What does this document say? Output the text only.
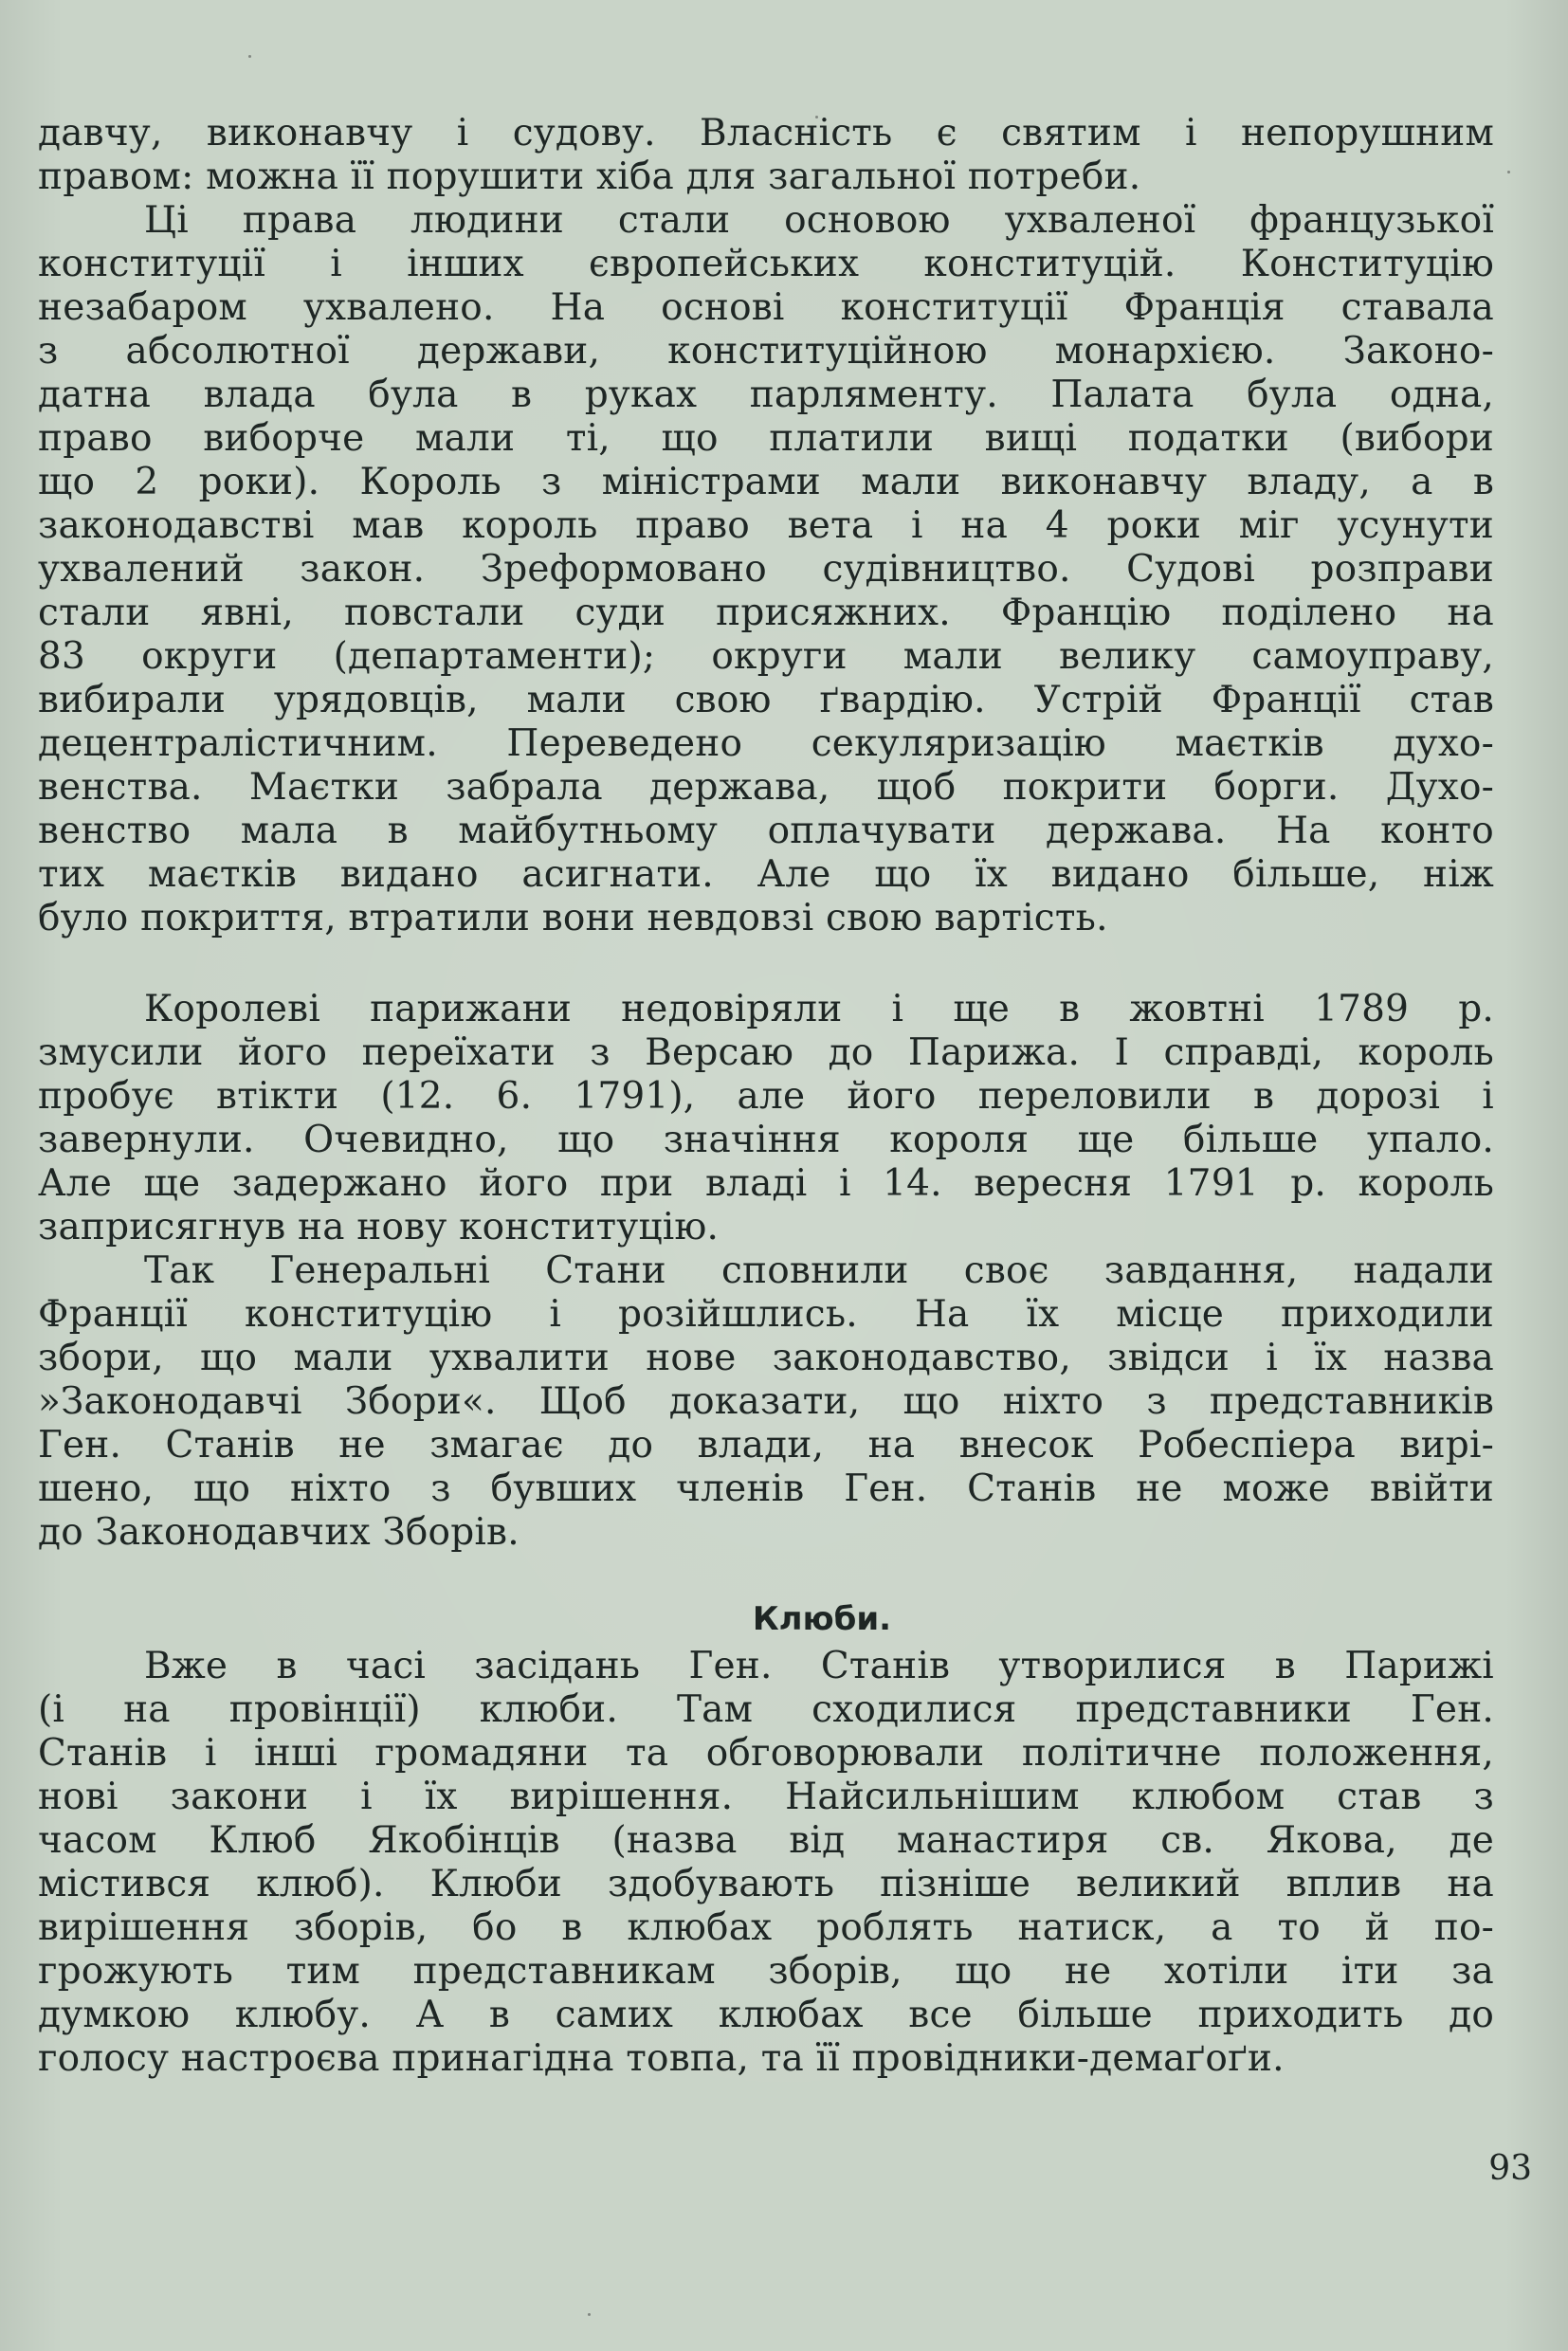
давчу, виконавчу і судову. Власність є святим і непорушним
правом: можна її порушити хіба для загальної потреби.
Ці права людини стали основою ухваленої французької
конституції і інших європейських конституцій. Конституцію
незабаром ухвалено. На основі конституції Франція ставала
з абсолютної держави, конституційною монархією. Законо-
датна влада була в руках парляменту. Палата була одна,
право виборче мали ті, що платили вищі податки (вибори
що 2 роки). Король з міністрами мали виконавчу владу, а в
законодавстві мав король право вета і на 4 роки міг усунути
ухвалений закон. Зреформовано судівництво. Судові розправи
стали явні, повстали суди присяжних. Францію поділено на
83 округи (департаменти); округи мали велику самоуправу,
вибирали урядовців, мали свою ґвардію. Устрій Франції став
децентралістичним. Переведено секуляризацію маєтків духо-
венства. Маєтки забрала держава, щоб покрити борги. Духо-
венство мала в майбутньому оплачувати держава. На конто
тих маєтків видано асигнати. Але що їх видано більше, ніж
було покриття, втратили вони невдовзі свою вартість.
Королеві парижани недовіряли і ще в жовтні 1789 р.
змусили його переїхати з Версаю до Парижа. І справді, король
пробує втікти (12. 6. 1791), але його переловили в дорозі і
завернули. Очевидно, що значіння короля ще більше упало.
Але ще задержано його при владі і 14. вересня 1791 р. король
заприсягнув на нову конституцію.
Так Генеральні Стани сповнили своє завдання, надали
Франції конституцію і розійшлись. На їх місце приходили
збори, що мали ухвалити нове законодавство, звідси і їх назва
»Законодавчі Збори«. Щоб доказати, що ніхто з представників
Ген. Станів не змагає до влади, на внесок Робеспіера вирі-
шено, що ніхто з бувших членів Ген. Станів не може ввійти
до Законодавчих Зборів.
Клюби.
Вже в часі засідань Ген. Станів утворилися в Парижі
(і на провінції) клюби. Там сходилися представники Ген.
Станів і інші громадяни та обговорювали політичне положення,
нові закони і їх вирішення. Найсильнішим клюбом став з
часом Клюб Якобінців (назва від манастиря св. Якова, де
містився клюб). Клюби здобувають пізніше великий вплив на
вирішення зборів, бо в клюбах роблять натиск, а то й по-
грожують тим представникам зборів, що не хотіли іти за
думкою клюбу. А в самих клюбах все більше приходить до
голосу настроєва принагідна товпа, та її провідники-демаґоґи.
93
